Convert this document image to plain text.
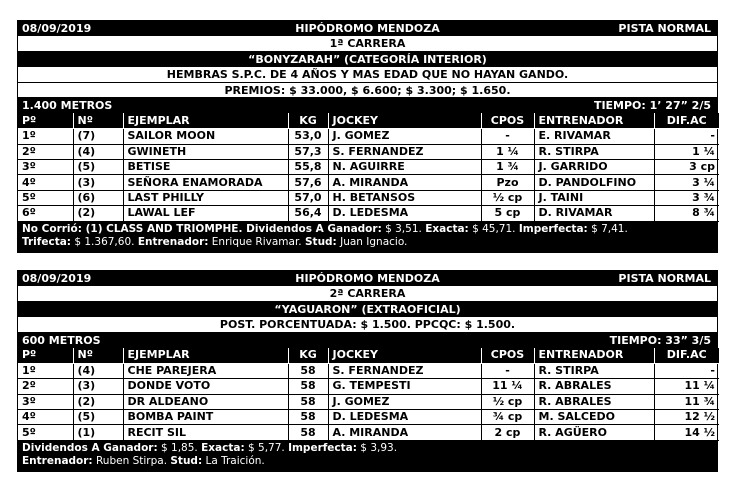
08/09/2019	HIPÓDROMO MENDOZA	PISTA NORMAL
1ª CARRERA
“BONYZARAH” (CATEGORÍA INTERIOR)
HEMBRAS S.P.C. DE 4 AÑOS Y MAS EDAD QUE NO HAYAN GANDO.
PREMIOS: $ 33.000, $ 6.600; $ 3.300; $ 1.650.
1.400 METROS	TIEMPO: 1’ 27” 2/5
Pº	Nº	EJEMPLAR	KG	JOCKEY	CPOS	ENTRENADOR	DIF.AC
1º	(7)	SAILOR MOON	53,0	J. GOMEZ	-	E. RIVAMAR	-
2º	(4)	GWINETH	57,3	S. FERNANDEZ	1 ¼	R. STIRPA	1 ¼
3º	(5)	BETISE	55,8	N. AGUIRRE	1 ¾	J. GARRIDO	3 cp
4º	(3)	SEÑORA ENAMORADA	57,6	A. MIRANDA	Pzo	D. PANDOLFINO	3 ¼
5º	(6)	LAST PHILLY	57,0	H. BETANSOS	½ cp	J. TAINI	3 ¾
6º	(2)	LAWAL LEF	56,4	D. LEDESMA	5 cp	D. RIVAMAR	8 ¾
No Corrió: (1) CLASS AND TRIOMPHE. Dividendos A Ganador: $ 3,51. Exacta: $ 45,71. Imperfecta: $ 7,41.
Trifecta: $ 1.367,60. Entrenador: Enrique Rivamar. Stud: Juan Ignacio.
08/09/2019	HIPÓDROMO MENDOZA	PISTA NORMAL
2ª CARRERA
“YAGUARON” (EXTRAOFICIAL)
POST. PORCENTUADA: $ 1.500. PPCQC: $ 1.500.
600 METROS	TIEMPO: 33” 3/5
Pº	Nº	EJEMPLAR	KG	JOCKEY	CPOS	ENTRENADOR	DIF.AC
1º	(4)	CHE PAREJERA	58	S. FERNANDEZ	-	R. STIRPA	-
2º	(3)	DONDE VOTO	58	G. TEMPESTI	11 ¼	R. ABRALES	11 ¼
3º	(2)	DR ALDEANO	58	J. GOMEZ	½ cp	R. ABRALES	11 ¾
4º	(5)	BOMBA PAINT	58	D. LEDESMA	¾ cp	M. SALCEDO	12 ½
5º	(1)	RECIT SIL	58	A. MIRANDA	2 cp	R. AGÜERO	14 ½
Dividendos A Ganador: $ 1,85. Exacta: $ 5,77. Imperfecta: $ 3,93.
Entrenador: Ruben Stirpa. Stud: La Traición.
